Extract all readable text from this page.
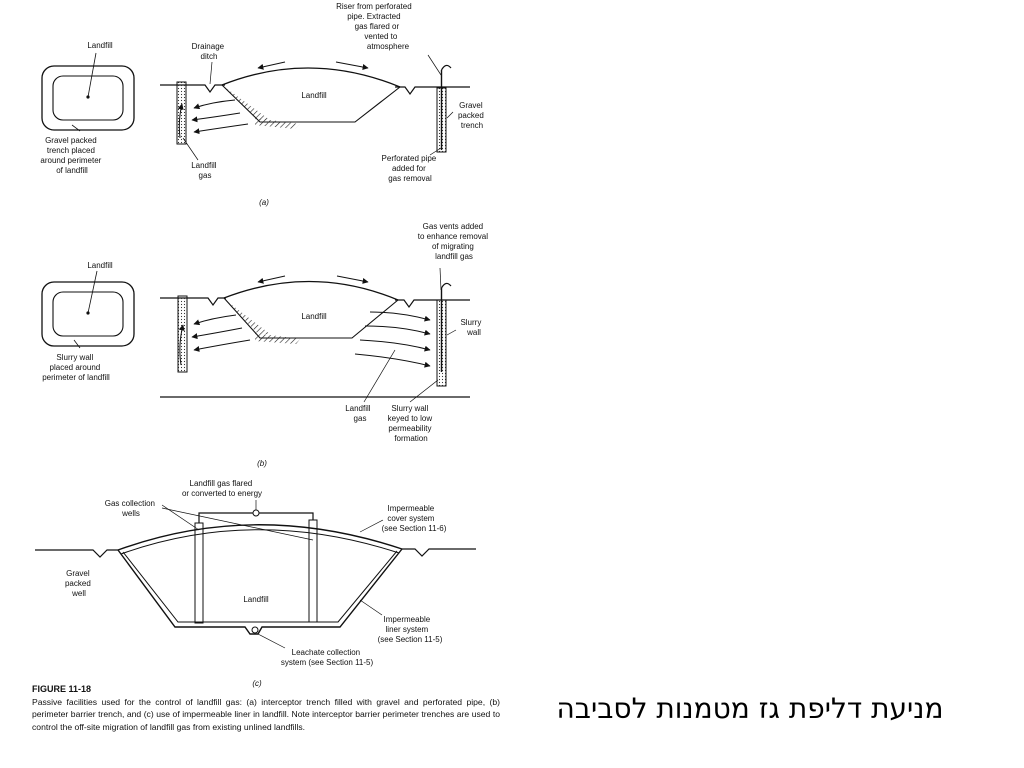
Landfill
Gravel packed trench placed around perimeter of landfill
Drainage ditch
Landfill
Landfill gas
Riser from perforated pipe. Extracted gas flared or vented to atmosphere
Gravel packed trench
Perforated pipe added for gas removal
(a)
Landfill
Slurry wall placed around perimeter of landfill
Landfill
Gas vents added to enhance removal of migrating landfill gas
Slurry wall
Landfill gas
Slurry wall keyed to low permeability formation
(b)
Landfill gas flared or converted to energy
Gas collection wells
Impermeable cover system (see Section 11-6)
Gravel packed well
Landfill
Impermeable liner system (see Section 11-5)
Leachate collection system (see Section 11-5)
(c)
FIGURE 11-18
Passive facilities used for the control of landfill gas: (a) interceptor trench filled with gravel and perforated pipe, (b) perimeter barrier trench, and (c) use of impermeable liner in landfill. Note interceptor barrier perimeter trenches are used to control the off-site migration of landfill gas from existing unlined landfills.
מניעת דליפת גז מטמנות לסביבה
